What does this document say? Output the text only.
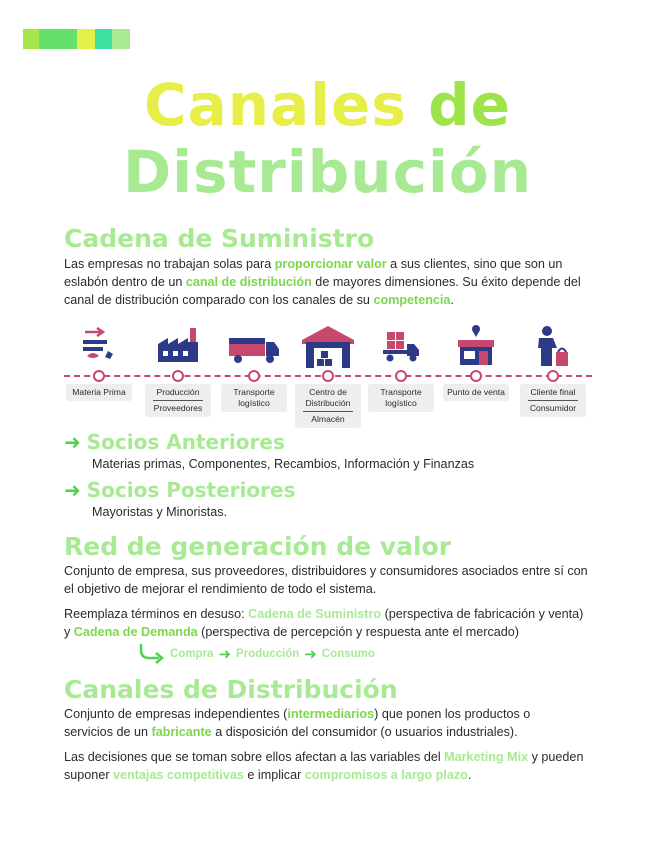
Canales de
Distribución
Cadena de Suministro

Las empresas no trabajan solas para proporcionar valor a sus clientes, sino que son un eslabón dentro de un canal de distribución de mayores dimensiones. Su éxito depende del canal de distribución comparado con los canales de su competencia.

Materia Prima	Producción
Proveedores
Transporte logístico
Centro de Distribución
Almacén
Transporte logístico
Punto de venta	Cliente final
Consumidor
➜ Socios Anteriores

Materias primas, Componentes, Recambios, Información y Finanzas

➜ Socios Posteriores

Mayoristas y Minoristas.

Red de generación de valor

Conjunto de empresa, sus proveedores, distribuidores y consumidores asociados entre sí con el objetivo de mejorar el rendimiento de todo el sistema.

Reemplaza términos en desuso: Cadena de Suministro (perspectiva de fabricación y venta) y Cadena de Demanda (perspectiva de percepción y respuesta ante el mercado)

Compra ➜ Producción ➜ Consumo
Canales de Distribución

Conjunto de empresas independientes (intermediarios) que ponen los productos o servicios de un fabricante a disposición del consumidor (o usuarios industriales).

Las decisiones que se toman sobre ellos afectan a las variables del Marketing Mix y pueden suponer ventajas competitivas e implicar compromisos a largo plazo.
